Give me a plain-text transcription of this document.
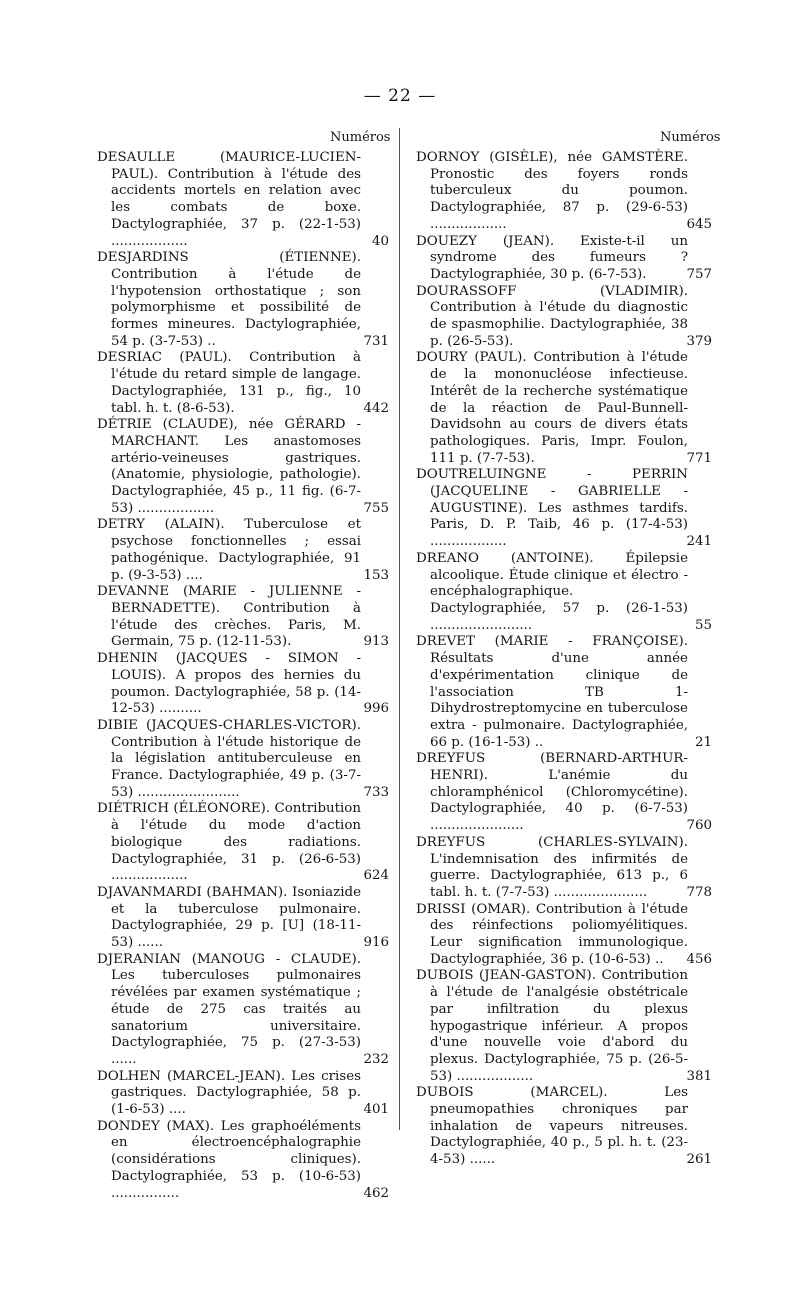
— 22 —
Numéros	Numéros
DESAULLE (MAURICE-LUCIEN-PAUL). Contribution à l'étude des accidents mortels en relation avec les combats de boxe. Dactylographiée, 37 p. (22-1-53) ..................	40
DESJARDINS (ÉTIENNE). Contribution à l'étude de l'hypotension orthostatique ; son polymorphisme et possibilité de formes mineures. Dactylographiée, 54 p. (3-7-53) ..	731
DESRIAC (PAUL). Contribution à l'étude du retard simple de langage. Dactylographiée, 131 p., fig., 10 tabl. h. t. (8-6-53).	442
DÉTRIE (CLAUDE), née GÉRARD - MARCHANT. Les anastomoses artério-veineuses gastriques. (Anatomie, physiologie, pathologie). Dactylographiée, 45 p., 11 fig. (6-7-53) ..................	755
DETRY (ALAIN). Tuberculose et psychose fonctionnelles ; essai pathogénique. Dactylographiée, 91 p. (9-3-53) ....	153
DEVANNE (MARIE - JULIENNE - BERNADETTE). Contribution à l'étude des crèches. Paris, M. Germain, 75 p. (12-11-53).	913
DHENIN (JACQUES - SIMON - LOUIS). A propos des hernies du poumon. Dactylographiée, 58 p. (14-12-53) ..........	996
DIBIE (JACQUES-CHARLES-VICTOR). Contribution à l'étude historique de la législation antituberculeuse en France. Dactylographiée, 49 p. (3-7-53) ........................	733
DIÉTRICH (ÉLÉONORE). Contribution à l'étude du mode d'action biologique des radiations. Dactylographiée, 31 p. (26-6-53) ..................	624
DJAVANMARDI (BAHMAN). Isoniazide et la tuberculose pulmonaire. Dactylographiée, 29 p. [U] (18-11-53) ......	916
DJERANIAN (MANOUG - CLAUDE). Les tuberculoses pulmonaires révélées par examen systématique ; étude de 275 cas traités au sanatorium universitaire. Dactylographiée, 75 p. (27-3-53) ......	232
DOLHEN (MARCEL-JEAN). Les crises gastriques. Dactylographiée, 58 p. (1-6-53) ....	401
DONDEY (MAX). Les graphoéléments en électroencéphalographie (considérations cliniques). Dactylographiée, 53 p. (10-6-53) ................	462
DORNOY (GISÈLE), née GAMSTÈRE. Pronostic des foyers ronds tuberculeux du poumon. Dactylographiée, 87 p. (29-6-53) ..................	645
DOUEZY (JEAN). Existe-t-il un syndrome des fumeurs ? Dactylographiée, 30 p. (6-7-53).	757
DOURASSOFF (VLADIMIR). Contribution à l'étude du diagnostic de spasmophilie. Dactylographiée, 38 p. (26-5-53).	379
DOURY (PAUL). Contribution à l'étude de la mononucléose infectieuse. Intérêt de la recherche systématique de la réaction de Paul-Bunnell-Davidsohn au cours de divers états pathologiques. Paris, Impr. Foulon, 111 p. (7-7-53).	771
DOUTRELUINGNE - PERRIN (JACQUELINE - GABRIELLE - AUGUSTINE). Les asthmes tardifs. Paris, D. P. Taib, 46 p. (17-4-53) ..................	241
DREANO (ANTOINE). Épilepsie alcoolique. Étude clinique et électro - encéphalographique. Dactylographiée, 57 p. (26-1-53) ........................	55
DREVET (MARIE - FRANÇOISE). Résultats d'une année d'expérimentation clinique de l'association TB 1-Dihydrostreptomycine en tuberculose extra - pulmonaire. Dactylographiée, 66 p. (16-1-53) ..	21
DREYFUS (BERNARD-ARTHUR-HENRI). L'anémie du chloramphénicol (Chloromycétine). Dactylographiée, 40 p. (6-7-53) ......................	760
DREYFUS (CHARLES-SYLVAIN). L'indemnisation des infirmités de guerre. Dactylographiée, 613 p., 6 tabl. h. t. (7-7-53) ......................	778
DRISSI (OMAR). Contribution à l'étude des réinfections poliomyélitiques. Leur signification immunologique. Dactylographiée, 36 p. (10-6-53) ..	456
DUBOIS (JEAN-GASTON). Contribution à l'étude de l'analgésie obstétricale par infiltration du plexus hypogastrique inférieur. A propos d'une nouvelle voie d'abord du plexus. Dactylographiée, 75 p. (26-5-53) ..................	381
DUBOIS (MARCEL). Les pneumopathies chroniques par inhalation de vapeurs nitreuses. Dactylographiée, 40 p., 5 pl. h. t. (23-4-53) ......	261
